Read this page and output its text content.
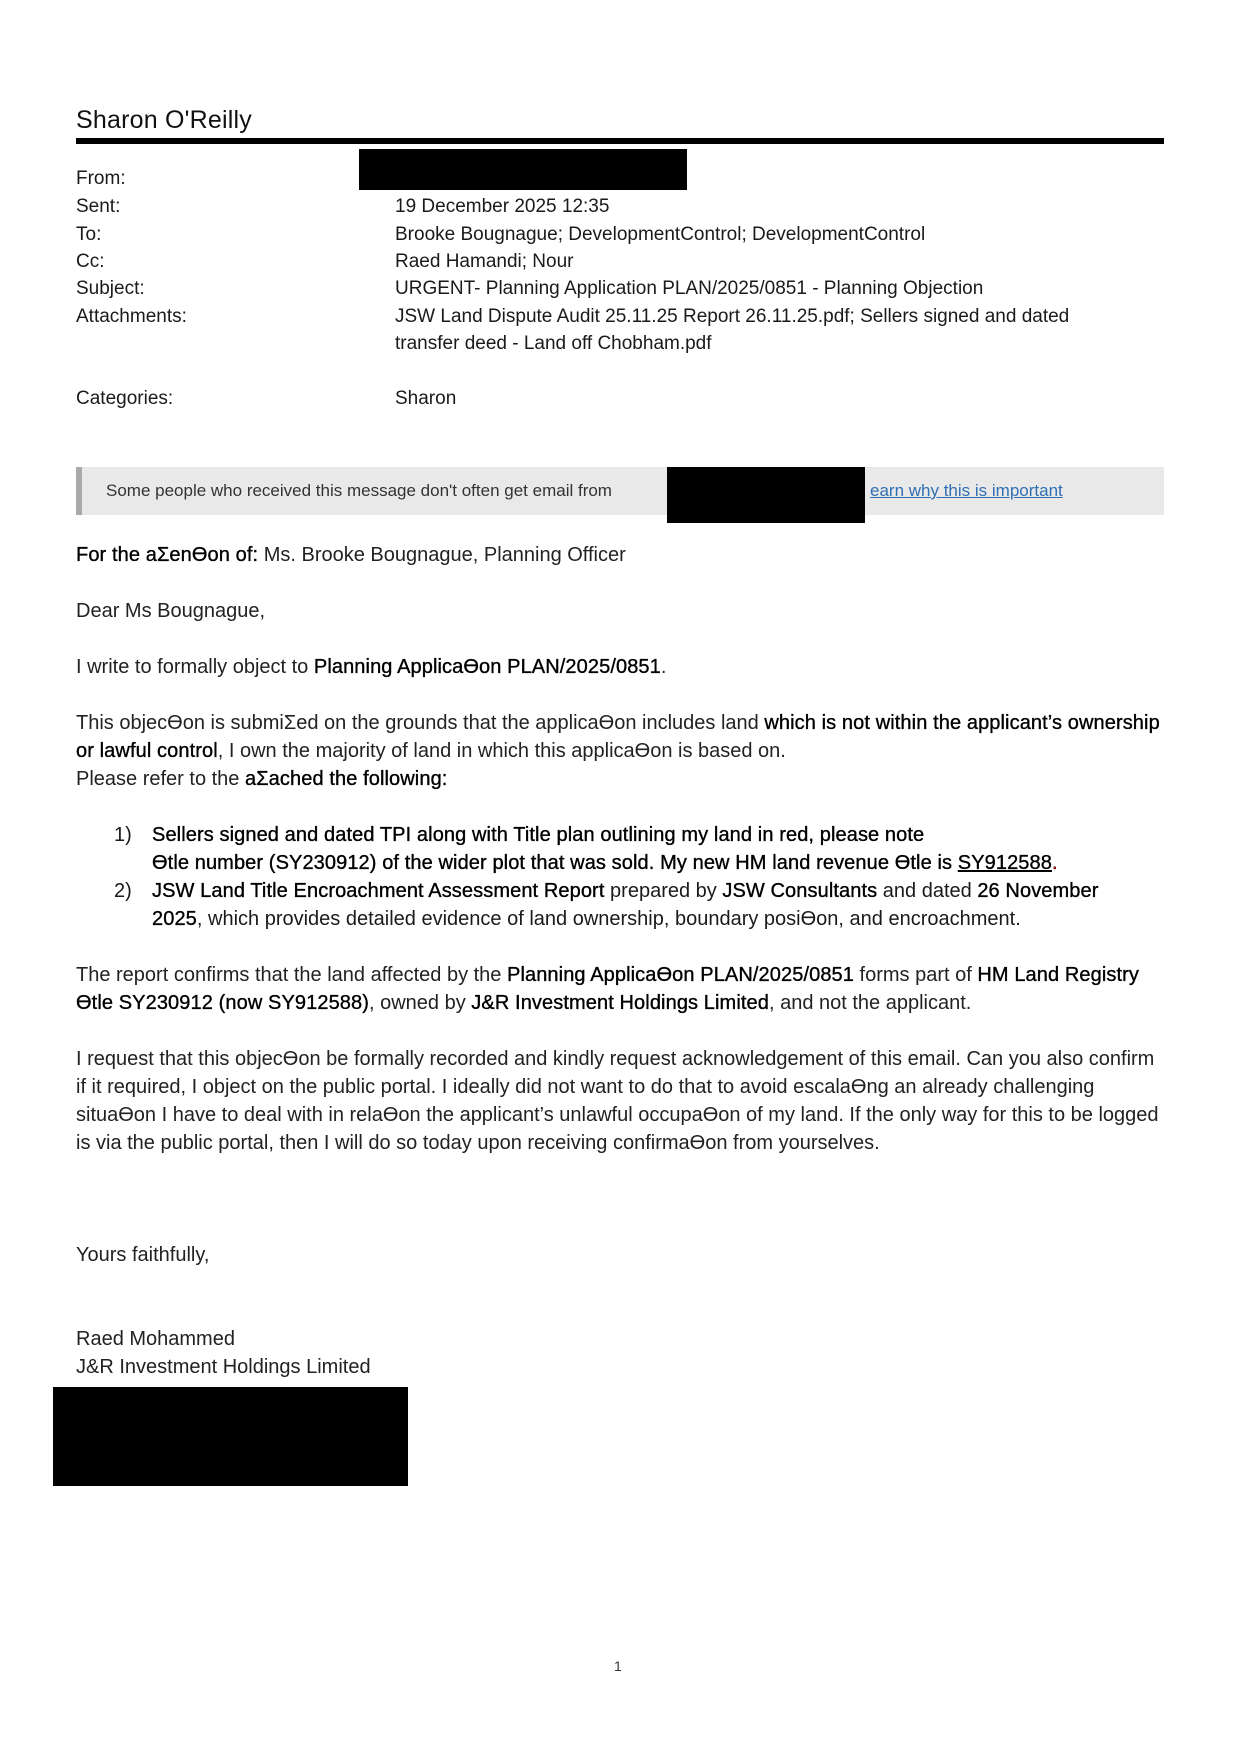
Sharon O'Reilly
From:
Sent:	19 December 2025 12:35
To:	Brooke Bougnague; DevelopmentControl; DevelopmentControl
Cc:	Raed Hamandi; Nour
Subject:	URGENT- Planning Application PLAN/2025/0851 - Planning Objection
Attachments:	JSW Land Dispute Audit 25.11.25 Report 26.11.25.pdf; Sellers signed and dated
transfer deed - Land off Chobham.pdf
Categories:	Sharon
Some people who received this message don't often get email from	earn why this is important
For the aΣenƟon of: Ms. Brooke Bougnague, Planning Officer
Dear Ms Bougnague,
I write to formally object to Planning ApplicaƟon PLAN/2025/0851.
This objecƟon is submiΣed on the grounds that the applicaƟon includes land which is not within the applicant’s ownership or lawful control, I own the majority of land in which this applicaƟon is based on.
Please refer to the aΣached the following:
1) Sellers signed and dated TPI along with Title plan outlining my land in red, please note
Ɵtle number (SY230912) of the wider plot that was sold. My new HM land revenue Ɵtle is SY912588.
2) JSW Land Title Encroachment Assessment Report prepared by JSW Consultants and dated 26 November 2025, which provides detailed evidence of land ownership, boundary posiƟon, and encroachment.
The report confirms that the land affected by the Planning ApplicaƟon PLAN/2025/0851 forms part of HM Land Registry Ɵtle SY230912 (now SY912588), owned by J&R Investment Holdings Limited, and not the applicant.
I request that this objecƟon be formally recorded and kindly request acknowledgement of this email. Can you also confirm if it required, I object on the public portal. I ideally did not want to do that to avoid escalaƟng an already challenging situaƟon I have to deal with in relaƟon the applicant’s unlawful occupaƟon of my land. If the only way for this to be logged is via the public portal, then I will do so today upon receiving confirmaƟon from yourselves.
Yours faithfully,
Raed Mohammed
J&R Investment Holdings Limited
1
